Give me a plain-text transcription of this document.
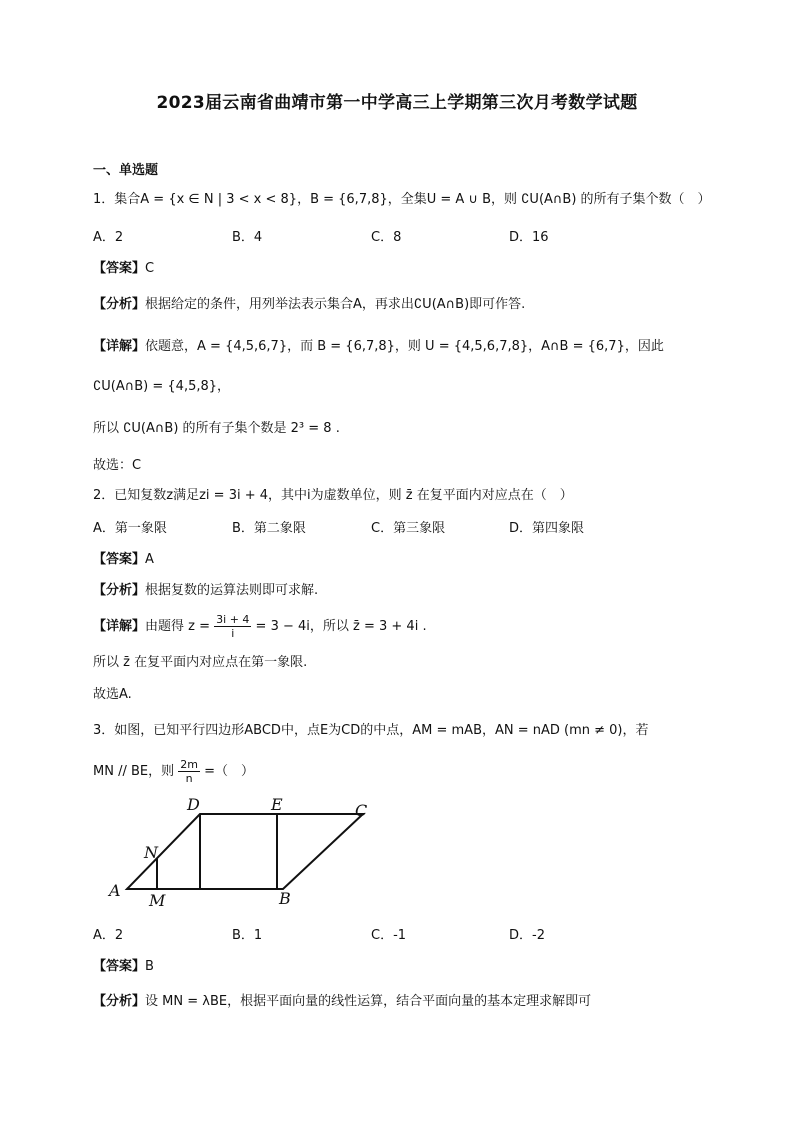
2023届云南省曲靖市第一中学高三上学期第三次月考数学试题
一、单选题
1．集合A = {x ∈ N | 3 < x < 8}，B = {6,7,8}，全集U = A ∪ B，则 ∁U(A∩B) 的所有子集个数（　）
A．2	B．4	C．8	D．16
【答案】C
【分析】根据给定的条件，用列举法表示集合A，再求出∁U(A∩B)即可作答.
【详解】依题意，A = {4,5,6,7}，而 B = {6,7,8}，则 U = {4,5,6,7,8}，A∩B = {6,7}，因此
∁U(A∩B) = {4,5,8}，
所以 ∁U(A∩B) 的所有子集个数是 2³ = 8 .
故选：C
2．已知复数z满足zi = 3i + 4，其中i为虚数单位，则 z̄ 在复平面内对应点在（　）
A．第一象限	B．第二象限	C．第三象限	D．第四象限
【答案】A
【分析】根据复数的运算法则即可求解.
【详解】由题得 $z = \frac{3i + 4}{i} = 3 - 4i$，所以 z̄ = 3 + 4i .
所以 z̄ 在复平面内对应点在第一象限.
故选A.
3．如图，已知平行四边形ABCD中，点E为CD的中点，AM = mAB，AN = nAD (mn ≠ 0)，若
MN // BE，则 $\frac{2m}{n}$ =（　）
D	E	C
N
A
M	B
A．2	B．1	C．-1	D．-2
【答案】B
【分析】设 MN = λBE，根据平面向量的线性运算，结合平面向量的基本定理求解即可
